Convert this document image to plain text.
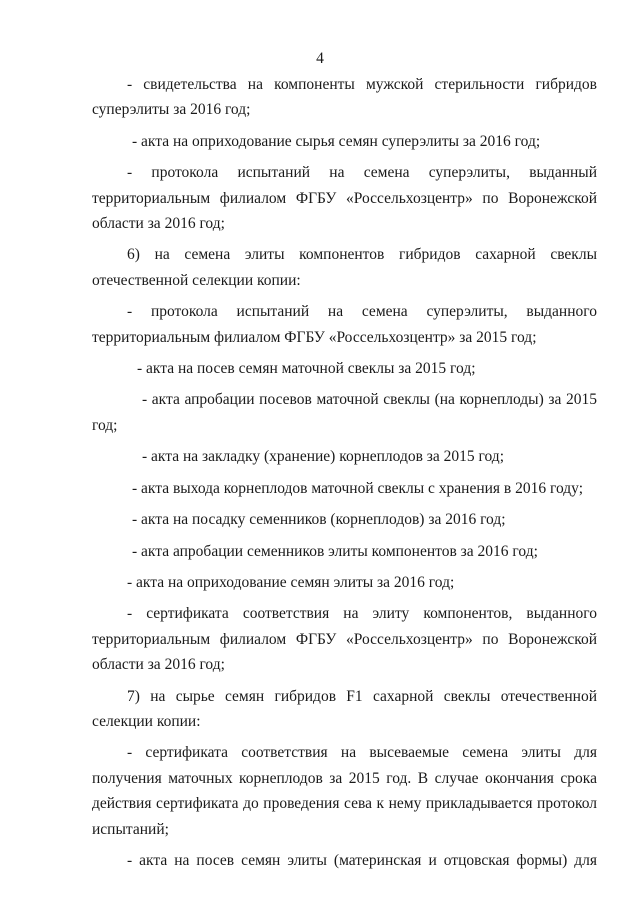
4

- свидетельства на компоненты мужской стерильности гибридов суперэлиты за 2016 год;

- акта на оприходование сырья семян суперэлиты за 2016 год;

- протокола испытаний на семена суперэлиты, выданный территориальным филиалом ФГБУ «Россельхозцентр» по Воронежской области за 2016 год;

6) на семена элиты компонентов гибридов сахарной свеклы отечественной селекции копии:

- протокола испытаний на семена суперэлиты, выданного территориальным филиалом ФГБУ «Россельхозцентр» за 2015 год;

- акта на посев семян маточной свеклы за 2015 год;

- акта апробации посевов маточной свеклы (на корнеплоды) за 2015 год;

- акта на закладку (хранение) корнеплодов за 2015 год;

- акта выхода корнеплодов маточной свеклы с хранения в 2016 году;

- акта на посадку семенников (корнеплодов) за 2016 год;

- акта апробации семенников элиты компонентов за 2016 год;

- акта на оприходование семян элиты за 2016 год;

- сертификата соответствия на элиту компонентов, выданного территориальным филиалом ФГБУ «Россельхозцентр» по Воронежской области за 2016 год;

7) на сырье семян гибридов F1 сахарной свеклы отечественной селекции копии:

- сертификата соответствия на высеваемые семена элиты для получения маточных корнеплодов за 2015 год. В случае окончания срока действия сертификата до проведения сева к нему прикладывается протокол испытаний;

- акта на посев семян элиты (материнская и отцовская формы) для
